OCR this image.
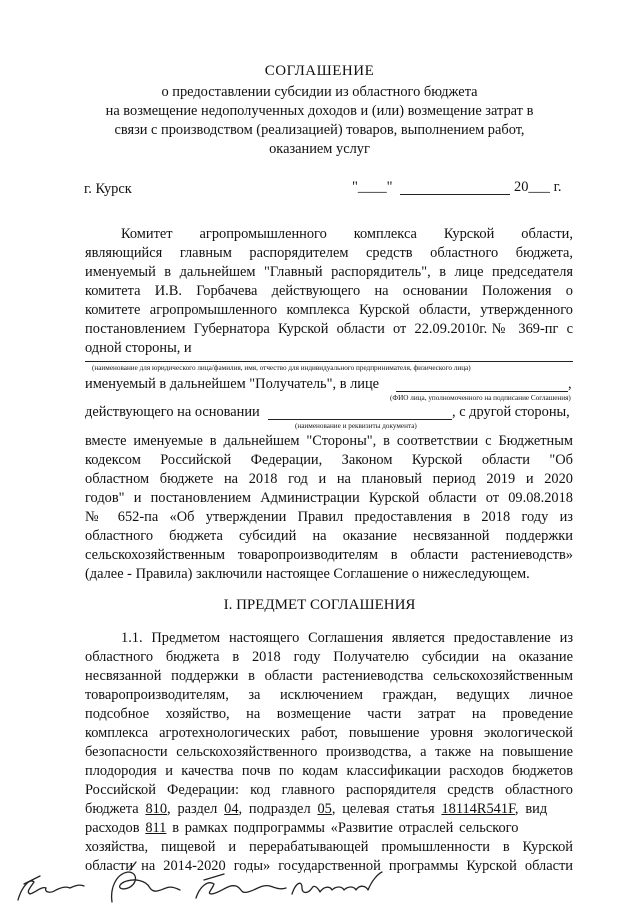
СОГЛАШЕНИЕ
о предоставлении субсидии из областного бюджета
на возмещение недополученных доходов и (или) возмещение затрат в
связи с производством (реализацией) товаров, выполнением работ,
оказанием услуг
г. Курск	"____"	20___ г.
Комитет агропромышленного комплекса Курской области,
являющийся главным распорядителем средств областного бюджета,
именуемый в дальнейшем "Главный распорядитель", в лице председателя
комитета И.В. Горбачева действующего на основании Положения о
комитете агропромышленного комплекса Курской области, утвержденного
постановлением Губернатора Курской области от 22.09.2010г.№ 369-пг с
одной стороны, и
(наименование для юридического лица/фамилия, имя, отчество для индивидуального предпринимателя, физического лица)
именуемый в дальнейшем "Получатель", в лице	,
(ФИО лица, уполномоченного на подписание Соглашения)
действующего на основании	, с другой стороны,
(наименование и реквизиты документа)
вместе именуемые в дальнейшем "Стороны", в соответствии с Бюджетным
кодексом Российской Федерации, Законом Курской области "Об
областном бюджете на 2018 год и на плановый период 2019 и 2020
годов" и постановлением Администрации Курской области от 09.08.2018
№ 652-па «Об утверждении Правил предоставления в 2018 году из
областного бюджета субсидий на оказание несвязанной поддержки
сельскохозяйственным товаропроизводителям в области растениеводств»
(далее - Правила) заключили настоящее Соглашение о нижеследующем.
I. ПРЕДМЕТ СОГЛАШЕНИЯ
1.1. Предметом настоящего Соглашения является предоставление из
областного бюджета в 2018 году Получателю субсидии на оказание
несвязанной поддержки в области растениеводства сельскохозяйственным
товаропроизводителям, за исключением граждан, ведущих личное
подсобное хозяйство, на возмещение части затрат на проведение
комплекса агротехнологических работ, повышение уровня экологической
безопасности сельскохозяйственного производства, а также на повышение
плодородия и качества почв по кодам классификации расходов бюджетов
Российской Федерации: код главного распорядителя средств областного
бюджета 810, раздел 04, подраздел 05, целевая статья 18114R541F, вид
расходов 811 в рамках подпрограммы «Развитие отраслей сельского
хозяйства, пищевой и перерабатывающей промышленности в Курской
области на 2014-2020 годы» государственной программы Курской области
